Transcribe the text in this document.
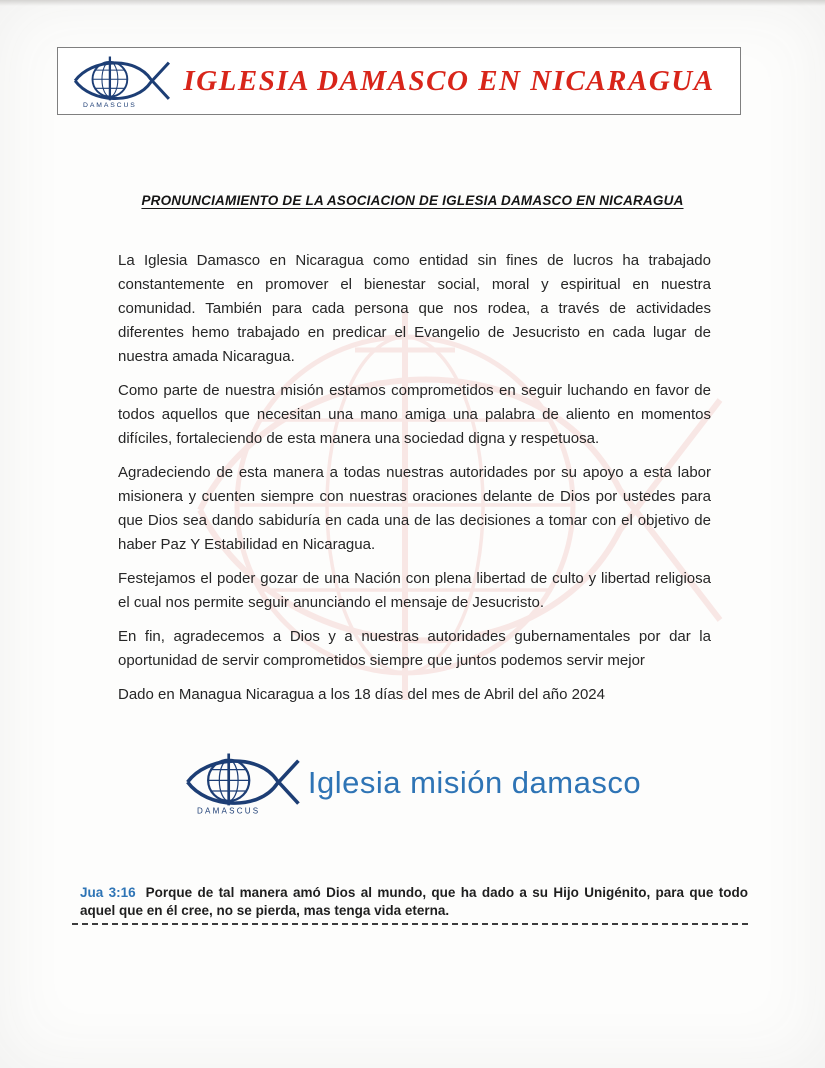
IGLESIA DAMASCO EN NICARAGUA
PRONUNCIAMIENTO DE LA ASOCIACION DE IGLESIA DAMASCO EN NICARAGUA

La Iglesia Damasco en Nicaragua como entidad sin fines de lucros ha trabajado constantemente en promover el bienestar social, moral y espiritual en nuestra comunidad. También para cada persona que nos rodea, a través de actividades diferentes hemo trabajado en predicar el Evangelio de Jesucristo en cada lugar de nuestra amada Nicaragua.

Como parte de nuestra misión estamos comprometidos en seguir luchando en favor de todos aquellos que necesitan una mano amiga una palabra de aliento en momentos difíciles, fortaleciendo de esta manera una sociedad digna y respetuosa.

Agradeciendo de esta manera a todas nuestras autoridades por su apoyo a esta labor misionera y cuenten siempre con nuestras oraciones delante de Dios por ustedes para que Dios sea dando sabiduría en cada una de las decisiones a tomar con el objetivo de haber Paz Y Estabilidad en Nicaragua.

Festejamos el poder gozar de una Nación con plena libertad de culto y libertad religiosa el cual nos permite seguir anunciando el mensaje de Jesucristo.

En fin, agradecemos a Dios y a nuestras autoridades gubernamentales por dar la oportunidad de servir comprometidos siempre que juntos podemos servir mejor

Dado en Managua Nicaragua a los 18 días del mes de Abril del año 2024

Iglesia misión damasco

Jua 3:16 Porque de tal manera amó Dios al mundo, que ha dado a su Hijo Unigénito, para que todo aquel que en él cree, no se pierda, mas tenga vida eterna.
